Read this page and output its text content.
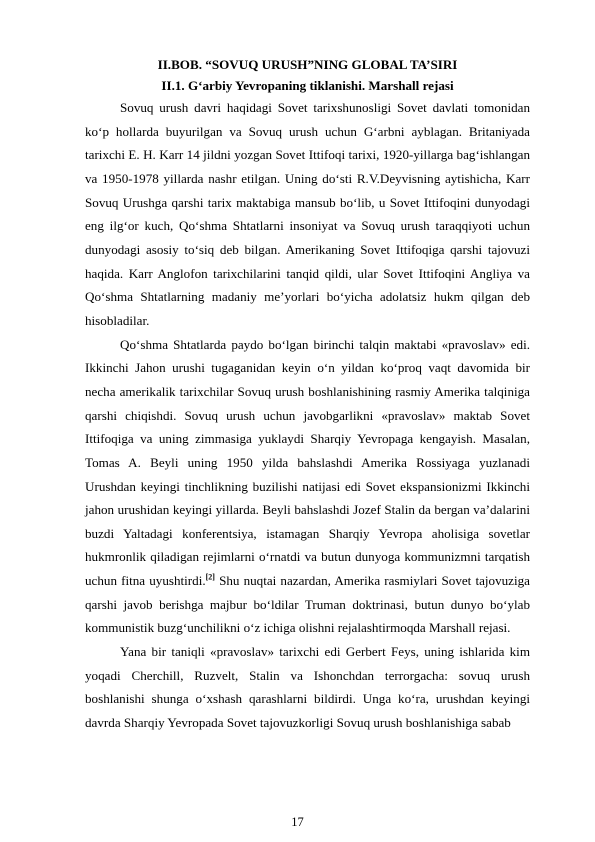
II.BOB. “SOVUQ URUSH”NING GLOBAL TA’SIRI

II.1. G‘arbiy Yevropaning tiklanishi. Marshall rejasi

Sovuq urush davri haqidagi Sovet tarixshunosligi Sovet davlati tomonidan ko‘p hollarda buyurilgan va Sovuq urush uchun G‘arbni ayblagan. Britaniyada tarixchi E. H. Karr 14 jildni yozgan Sovet Ittifoqi tarixi, 1920-yillarga bag‘ishlangan va 1950-1978 yillarda nashr etilgan. Uning do‘sti R.V.Deyvisning aytishicha, Karr Sovuq Urushga qarshi tarix maktabiga mansub bo‘lib, u Sovet Ittifoqini dunyodagi eng ilg‘or kuch, Qo‘shma Shtatlarni insoniyat va Sovuq urush taraqqiyoti uchun dunyodagi asosiy to‘siq deb bilgan. Amerikaning Sovet Ittifoqiga qarshi tajovuzi haqida. Karr Anglofon tarixchilarini tanqid qildi, ular Sovet Ittifoqini Angliya va Qo‘shma Shtatlarning madaniy me’yorlari bo‘yicha adolatsiz hukm qilgan deb hisobladilar.

Qo‘shma Shtatlarda paydo bo‘lgan birinchi talqin maktabi «pravoslav» edi. Ikkinchi Jahon urushi tugaganidan keyin o‘n yildan ko‘proq vaqt davomida bir necha amerikalik tarixchilar Sovuq urush boshlanishining rasmiy Amerika talqiniga qarshi chiqishdi. Sovuq urush uchun javobgarlikni «pravoslav» maktab Sovet Ittifoqiga va uning zimmasiga yuklaydi Sharqiy Yevropaga kengayish. Masalan, Tomas A. Beyli uning 1950 yilda bahslashdi Amerika Rossiyaga yuzlanadi Urushdan keyingi tinchlikning buzilishi natijasi edi Sovet ekspansionizmi Ikkinchi jahon urushidan keyingi yillarda. Beyli bahslashdi Jozef Stalin da bergan va’dalarini buzdi Yaltadagi konferentsiya, istamagan Sharqiy Yevropa aholisiga sovetlar hukmronlik qiladigan rejimlarni o‘rnatdi va butun dunyoga kommunizmni tarqatish uchun fitna uyushtirdi.[2] Shu nuqtai nazardan, Amerika rasmiylari Sovet tajovuziga qarshi javob berishga majbur bo‘ldilar Truman doktrinasi, butun dunyo bo‘ylab kommunistik buzg‘unchilikni o‘z ichiga olishni rejalashtirmoqda Marshall rejasi.

Yana bir taniqli «pravoslav» tarixchi edi Gerbert Feys, uning ishlarida kim yoqadi Cherchill, Ruzvelt, Stalin va Ishonchdan terrorgacha: sovuq urush boshlanishi shunga o‘xshash qarashlarni bildirdi. Unga ko‘ra, urushdan keyingi davrda Sharqiy Yevropada Sovet tajovuzkorligi Sovuq urush boshlanishiga sabab

17
